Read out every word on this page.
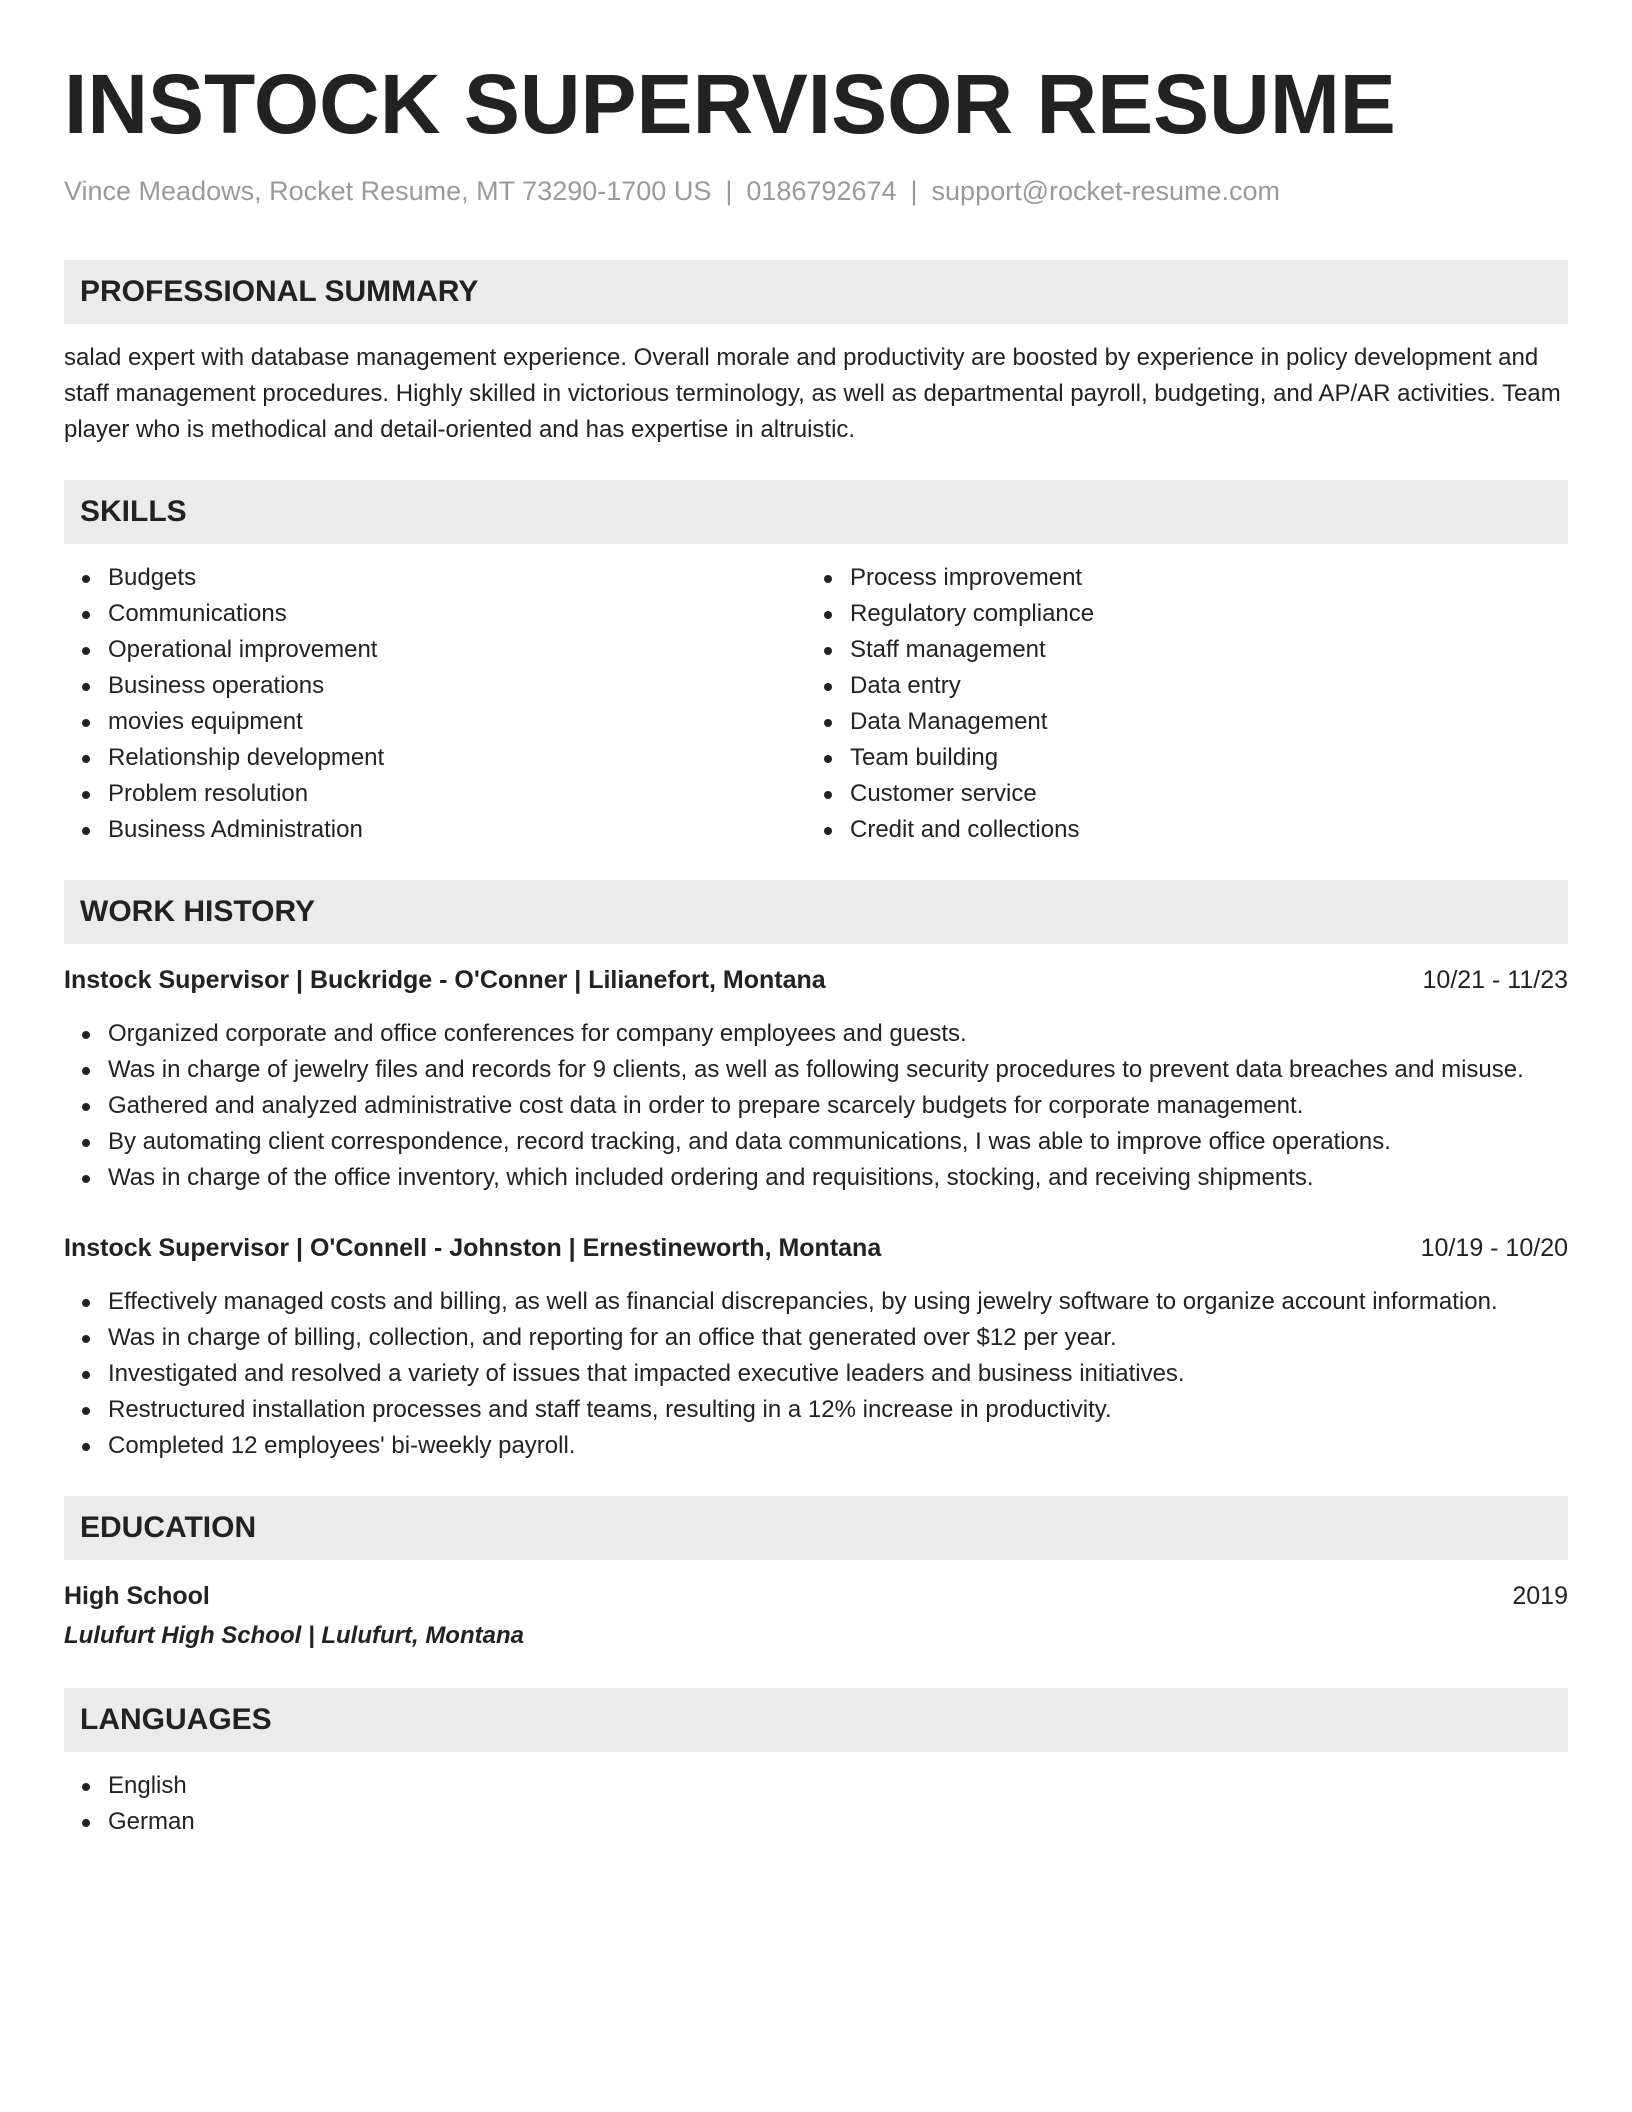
INSTOCK SUPERVISOR RESUME
Vince Meadows, Rocket Resume, MT 73290-1700 US | 0186792674 | support@rocket-resume.com
PROFESSIONAL SUMMARY
salad expert with database management experience. Overall morale and productivity are boosted by experience in policy development and staff management procedures. Highly skilled in victorious terminology, as well as departmental payroll, budgeting, and AP/AR activities. Team player who is methodical and detail-oriented and has expertise in altruistic.
SKILLS
Budgets
Communications
Operational improvement
Business operations
movies equipment
Relationship development
Problem resolution
Business Administration
Process improvement
Regulatory compliance
Staff management
Data entry
Data Management
Team building
Customer service
Credit and collections
WORK HISTORY
Instock Supervisor | Buckridge - O'Conner | Lilianefort, Montana	10/21 - 11/23
Organized corporate and office conferences for company employees and guests.
Was in charge of jewelry files and records for 9 clients, as well as following security procedures to prevent data breaches and misuse.
Gathered and analyzed administrative cost data in order to prepare scarcely budgets for corporate management.
By automating client correspondence, record tracking, and data communications, I was able to improve office operations.
Was in charge of the office inventory, which included ordering and requisitions, stocking, and receiving shipments.
Instock Supervisor | O'Connell - Johnston | Ernestineworth, Montana	10/19 - 10/20
Effectively managed costs and billing, as well as financial discrepancies, by using jewelry software to organize account information.
Was in charge of billing, collection, and reporting for an office that generated over $12 per year.
Investigated and resolved a variety of issues that impacted executive leaders and business initiatives.
Restructured installation processes and staff teams, resulting in a 12% increase in productivity.
Completed 12 employees' bi-weekly payroll.
EDUCATION
High School	2019
Lulufurt High School | Lulufurt, Montana
LANGUAGES
English
German
